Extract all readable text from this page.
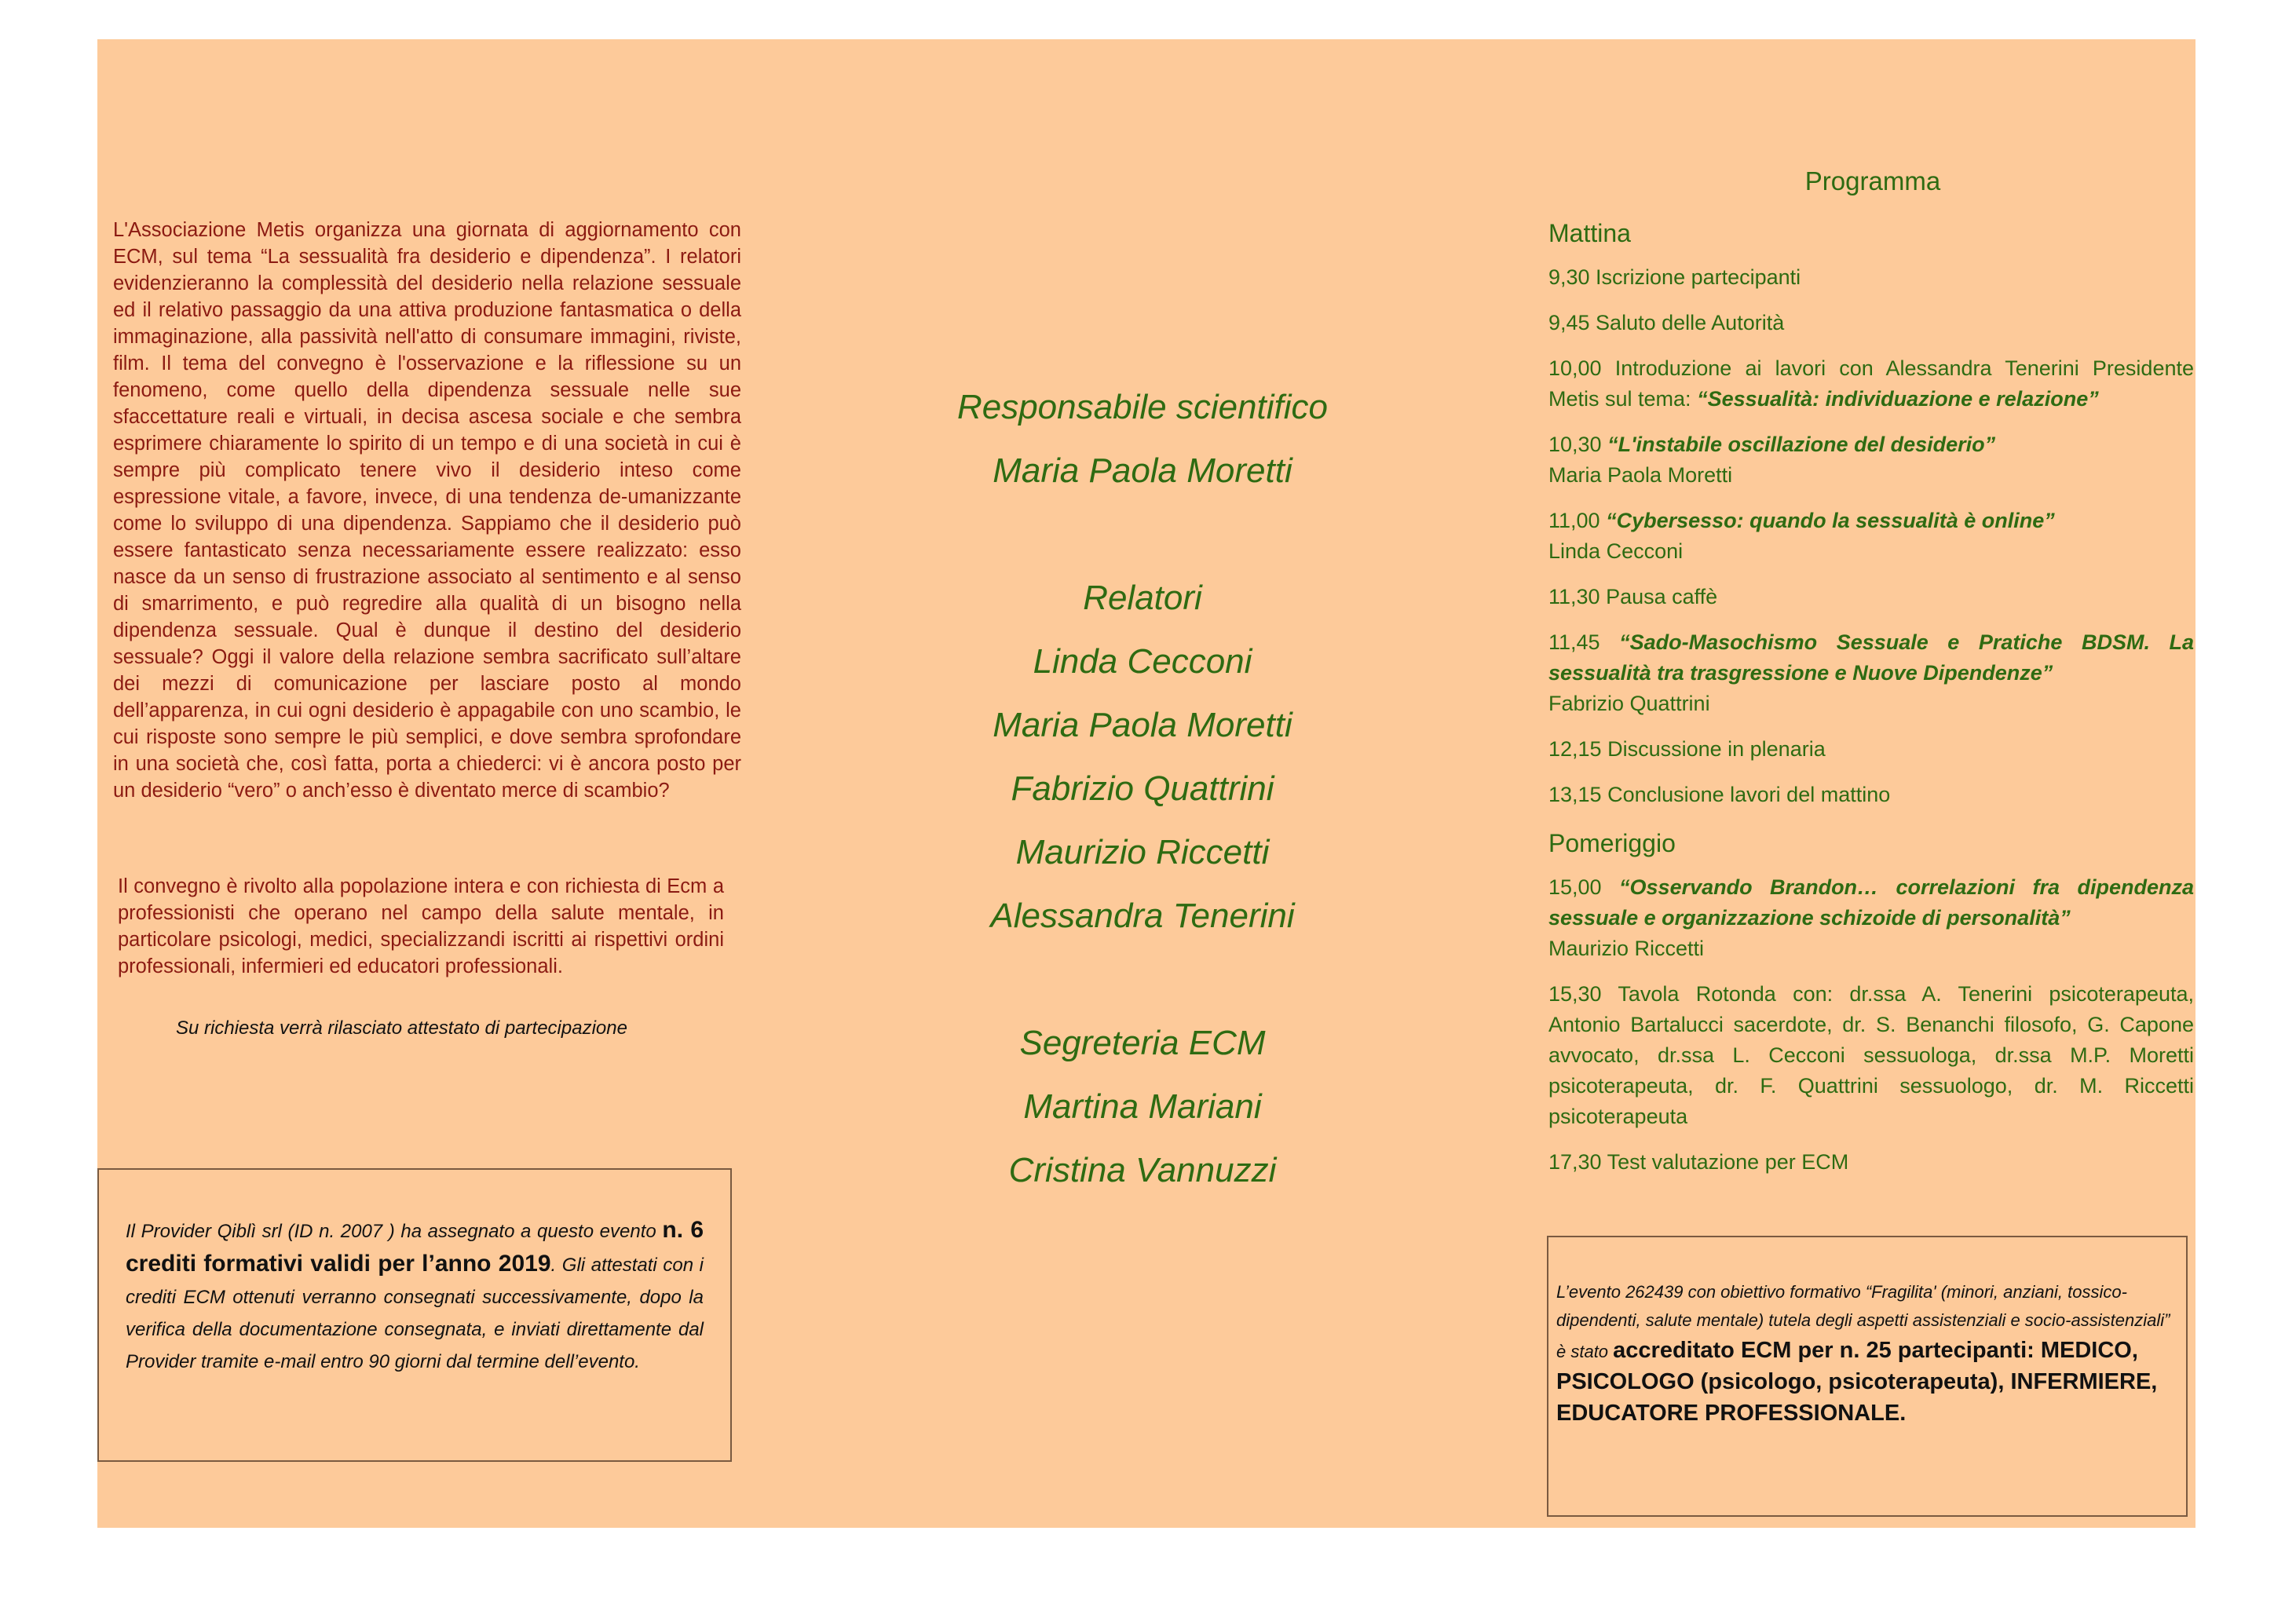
L'Associazione Metis organizza una giornata di aggiornamento con ECM, sul tema “La sessualità fra desiderio e dipendenza”. I relatori evidenzieranno la complessità del desiderio nella relazione sessuale ed il relativo passaggio da una attiva produzione fantasmatica o della immaginazione, alla passività nell'atto di consumare immagini, riviste, film. Il tema del convegno è l'osservazione e la riflessione su un fenomeno, come quello della dipendenza sessuale nelle sue sfaccettature reali e virtuali, in decisa ascesa sociale e che sembra esprimere chiaramente lo spirito di un tempo e di una società in cui è sempre più complicato tenere vivo il desiderio inteso come espressione vitale, a favore, invece, di una tendenza de-umanizzante come lo sviluppo di una dipendenza. Sappiamo che il desiderio può essere fantasticato senza necessariamente essere realizzato: esso nasce da un senso di frustrazione associato al sentimento e al senso di smarrimento, e può regredire alla qualità di un bisogno nella dipendenza sessuale. Qual è dunque il destino del desiderio sessuale? Oggi il valore della relazione sembra sacrificato sull’altare dei mezzi di comunicazione per lasciare posto al mondo dell’apparenza, in cui ogni desiderio è appagabile con uno scambio, le cui risposte sono sempre le più semplici, e dove sembra sprofondare in una società che, così fatta, porta a chiederci: vi è ancora posto per un desiderio “vero” o anch’esso è diventato merce di scambio?

Il convegno è rivolto alla popolazione intera e con richiesta di Ecm a professionisti che operano nel campo della salute mentale, in particolare psicologi, medici, specializzandi iscritti ai rispettivi ordini professionali, infermieri ed educatori professionali.
Su richiesta verrà rilasciato attestato di partecipazione
Il Provider Qiblì srl (ID n. 2007 ) ha assegnato a questo evento n. 6 crediti formativi validi per l’anno 2019. Gli attestati con i crediti ECM ottenuti verranno consegnati successivamente, dopo la verifica della documentazione consegnata, e inviati direttamente dal Provider tramite e-mail entro 90 giorni dal termine dell’evento.
Responsabile scientifico
Maria Paola Moretti
Relatori
Linda Cecconi
Maria Paola Moretti
Fabrizio Quattrini
Maurizio Riccetti
Alessandra Tenerini
Segreteria ECM
Martina Mariani
Cristina Vannuzzi
Programma
Mattina
9,30 Iscrizione partecipanti
9,45 Saluto delle Autorità
10,00 Introduzione ai lavori con Alessandra Tenerini Presidente Metis sul tema: “Sessualità: individuazione e relazione”
10,30 “L'instabile oscillazione del desiderio”
Maria Paola Moretti
11,00 “Cybersesso: quando la sessualità è online”
Linda Cecconi
11,30 Pausa caffè
11,45 “Sado-Masochismo Sessuale e Pratiche BDSM. La sessualità tra trasgressione e Nuove Dipendenze”
Fabrizio Quattrini
12,15 Discussione in plenaria
13,15 Conclusione lavori del mattino
Pomeriggio
15,00 “Osservando Brandon… correlazioni fra dipendenza sessuale e organizzazione schizoide di personalità”
Maurizio Riccetti
15,30 Tavola Rotonda con: dr.ssa A. Tenerini psicoterapeuta, Antonio Bartalucci sacerdote, dr. S. Benanchi filosofo, G. Capone avvocato, dr.ssa L. Cecconi sessuologa, dr.ssa M.P. Moretti psicoterapeuta, dr. F. Quattrini sessuologo, dr. M. Riccetti psicoterapeuta
17,30 Test valutazione per ECM
L’evento 262439 con obiettivo formativo “Fragilita' (minori, anziani, tossico-dipendenti, salute mentale) tutela degli aspetti assistenziali e socio-assistenziali” è stato accreditato ECM per n. 25 partecipanti: MEDICO, PSICOLOGO (psicologo, psicoterapeuta), INFERMIERE, EDUCATORE PROFESSIONALE.
